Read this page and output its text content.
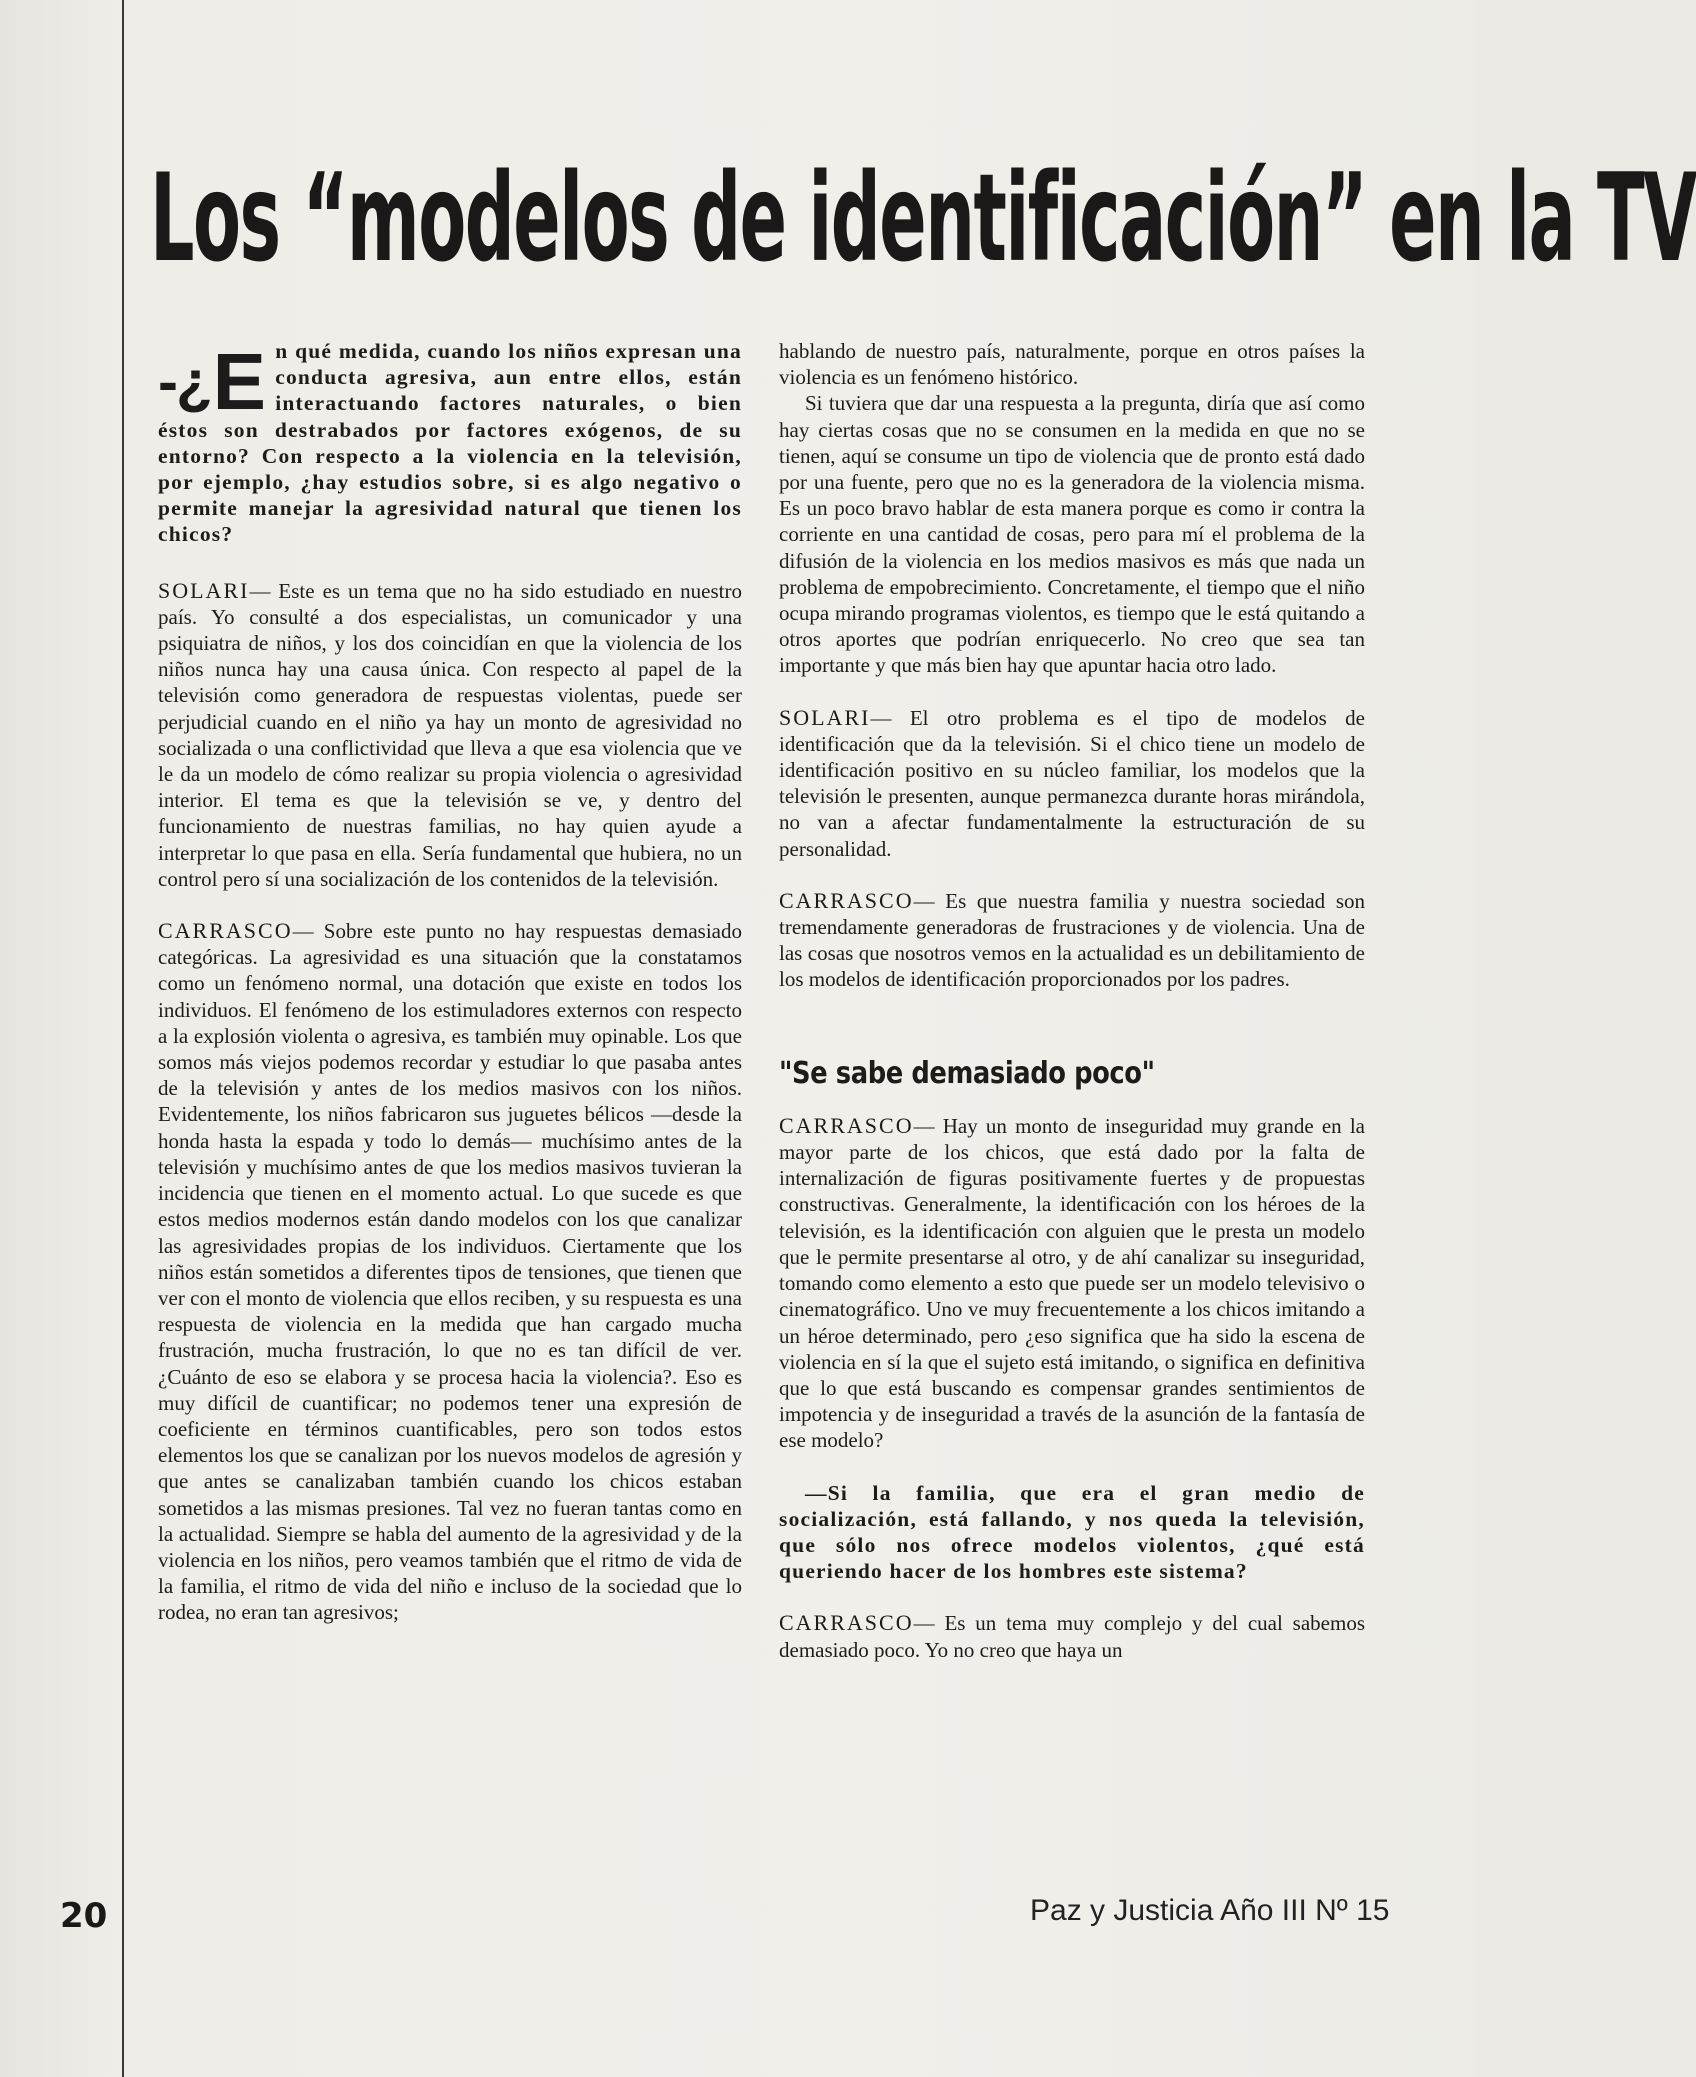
Los “modelos de identificación” en la TV
-¿ E n qué medida, cuando los niños expresan una conducta agresiva, aun entre ellos, están interactuando factores naturales, o bien éstos son destrabados por factores exógenos, de su entorno? Con respecto a la violencia en la televisión, por ejemplo, ¿hay estudios sobre, si es algo negativo o permite manejar la agresividad natural que tienen los chicos?

SOLARI— Este es un tema que no ha sido estudiado en nuestro país. Yo consulté a dos especialistas, un comunicador y una psiquiatra de niños, y los dos coincidían en que la violencia de los niños nunca hay una causa única. Con respecto al papel de la televisión como generadora de respuestas violentas, puede ser perjudicial cuando en el niño ya hay un monto de agresividad no socializada o una conflictividad que lleva a que esa violencia que ve le da un modelo de cómo realizar su propia violencia o agresividad interior. El tema es que la televisión se ve, y dentro del funcionamiento de nuestras familias, no hay quien ayude a interpretar lo que pasa en ella. Sería fundamental que hubiera, no un control pero sí una socialización de los contenidos de la televisión.

CARRASCO— Sobre este punto no hay respuestas demasiado categóricas. La agresividad es una situación que la constatamos como un fenómeno normal, una dotación que existe en todos los individuos. El fenómeno de los estimuladores externos con respecto a la explosión violenta o agresiva, es también muy opinable. Los que somos más viejos podemos recordar y estudiar lo que pasaba antes de la televisión y antes de los medios masivos con los niños. Evidentemente, los niños fabricaron sus juguetes bélicos —desde la honda hasta la espada y todo lo demás— muchísimo antes de la televisión y muchísimo antes de que los medios masivos tuvieran la incidencia que tienen en el momento actual. Lo que sucede es que estos medios modernos están dando modelos con los que canalizar las agresividades propias de los individuos. Ciertamente que los niños están sometidos a diferentes tipos de tensiones, que tienen que ver con el monto de violencia que ellos reciben, y su respuesta es una respuesta de violencia en la medida que han cargado mucha frustración, mucha frustración, lo que no es tan difícil de ver. ¿Cuánto de eso se elabora y se procesa hacia la violencia?. Eso es muy difícil de cuantificar; no podemos tener una expresión de coeficiente en términos cuantificables, pero son todos estos elementos los que se canalizan por los nuevos modelos de agresión y que antes se canalizaban también cuando los chicos estaban sometidos a las mismas presiones. Tal vez no fueran tantas como en la actualidad. Siempre se habla del aumento de la agresividad y de la violencia en los niños, pero veamos también que el ritmo de vida de la familia, el ritmo de vida del niño e incluso de la sociedad que lo rodea, no eran tan agresivos;

hablando de nuestro país, naturalmente, porque en otros países la violencia es un fenómeno histórico.

Si tuviera que dar una respuesta a la pregunta, diría que así como hay ciertas cosas que no se consumen en la medida en que no se tienen, aquí se consume un tipo de violencia que de pronto está dado por una fuente, pero que no es la generadora de la violencia misma. Es un poco bravo hablar de esta manera porque es como ir contra la corriente en una cantidad de cosas, pero para mí el problema de la difusión de la violencia en los medios masivos es más que nada un problema de empobrecimiento. Concretamente, el tiempo que el niño ocupa mirando programas violentos, es tiempo que le está quitando a otros aportes que podrían enriquecerlo. No creo que sea tan importante y que más bien hay que apuntar hacia otro lado.

SOLARI— El otro problema es el tipo de modelos de identificación que da la televisión. Si el chico tiene un modelo de identificación positivo en su núcleo familiar, los modelos que la televisión le presenten, aunque permanezca durante horas mirándola, no van a afectar fundamentalmente la estructuración de su personalidad.

CARRASCO— Es que nuestra familia y nuestra sociedad son tremendamente generadoras de frustraciones y de violencia. Una de las cosas que nosotros vemos en la actualidad es un debilitamiento de los modelos de identificación proporcionados por los padres.

"Se sabe demasiado poco"

CARRASCO— Hay un monto de inseguridad muy grande en la mayor parte de los chicos, que está dado por la falta de internalización de figuras positivamente fuertes y de propuestas constructivas. Generalmente, la identificación con los héroes de la televisión, es la identificación con alguien que le presta un modelo que le permite presentarse al otro, y de ahí canalizar su inseguridad, tomando como elemento a esto que puede ser un modelo televisivo o cinematográfico. Uno ve muy frecuentemente a los chicos imitando a un héroe determinado, pero ¿eso significa que ha sido la escena de violencia en sí la que el sujeto está imitando, o significa en definitiva que lo que está buscando es compensar grandes sentimientos de impotencia y de inseguridad a través de la asunción de la fantasía de ese modelo?

—Si la familia, que era el gran medio de socialización, está fallando, y nos queda la televisión, que sólo nos ofrece modelos violentos, ¿qué está queriendo hacer de los hombres este sistema?

CARRASCO— Es un tema muy complejo y del cual sabemos demasiado poco. Yo no creo que haya un

20	Paz y Justicia Año III Nº 15
